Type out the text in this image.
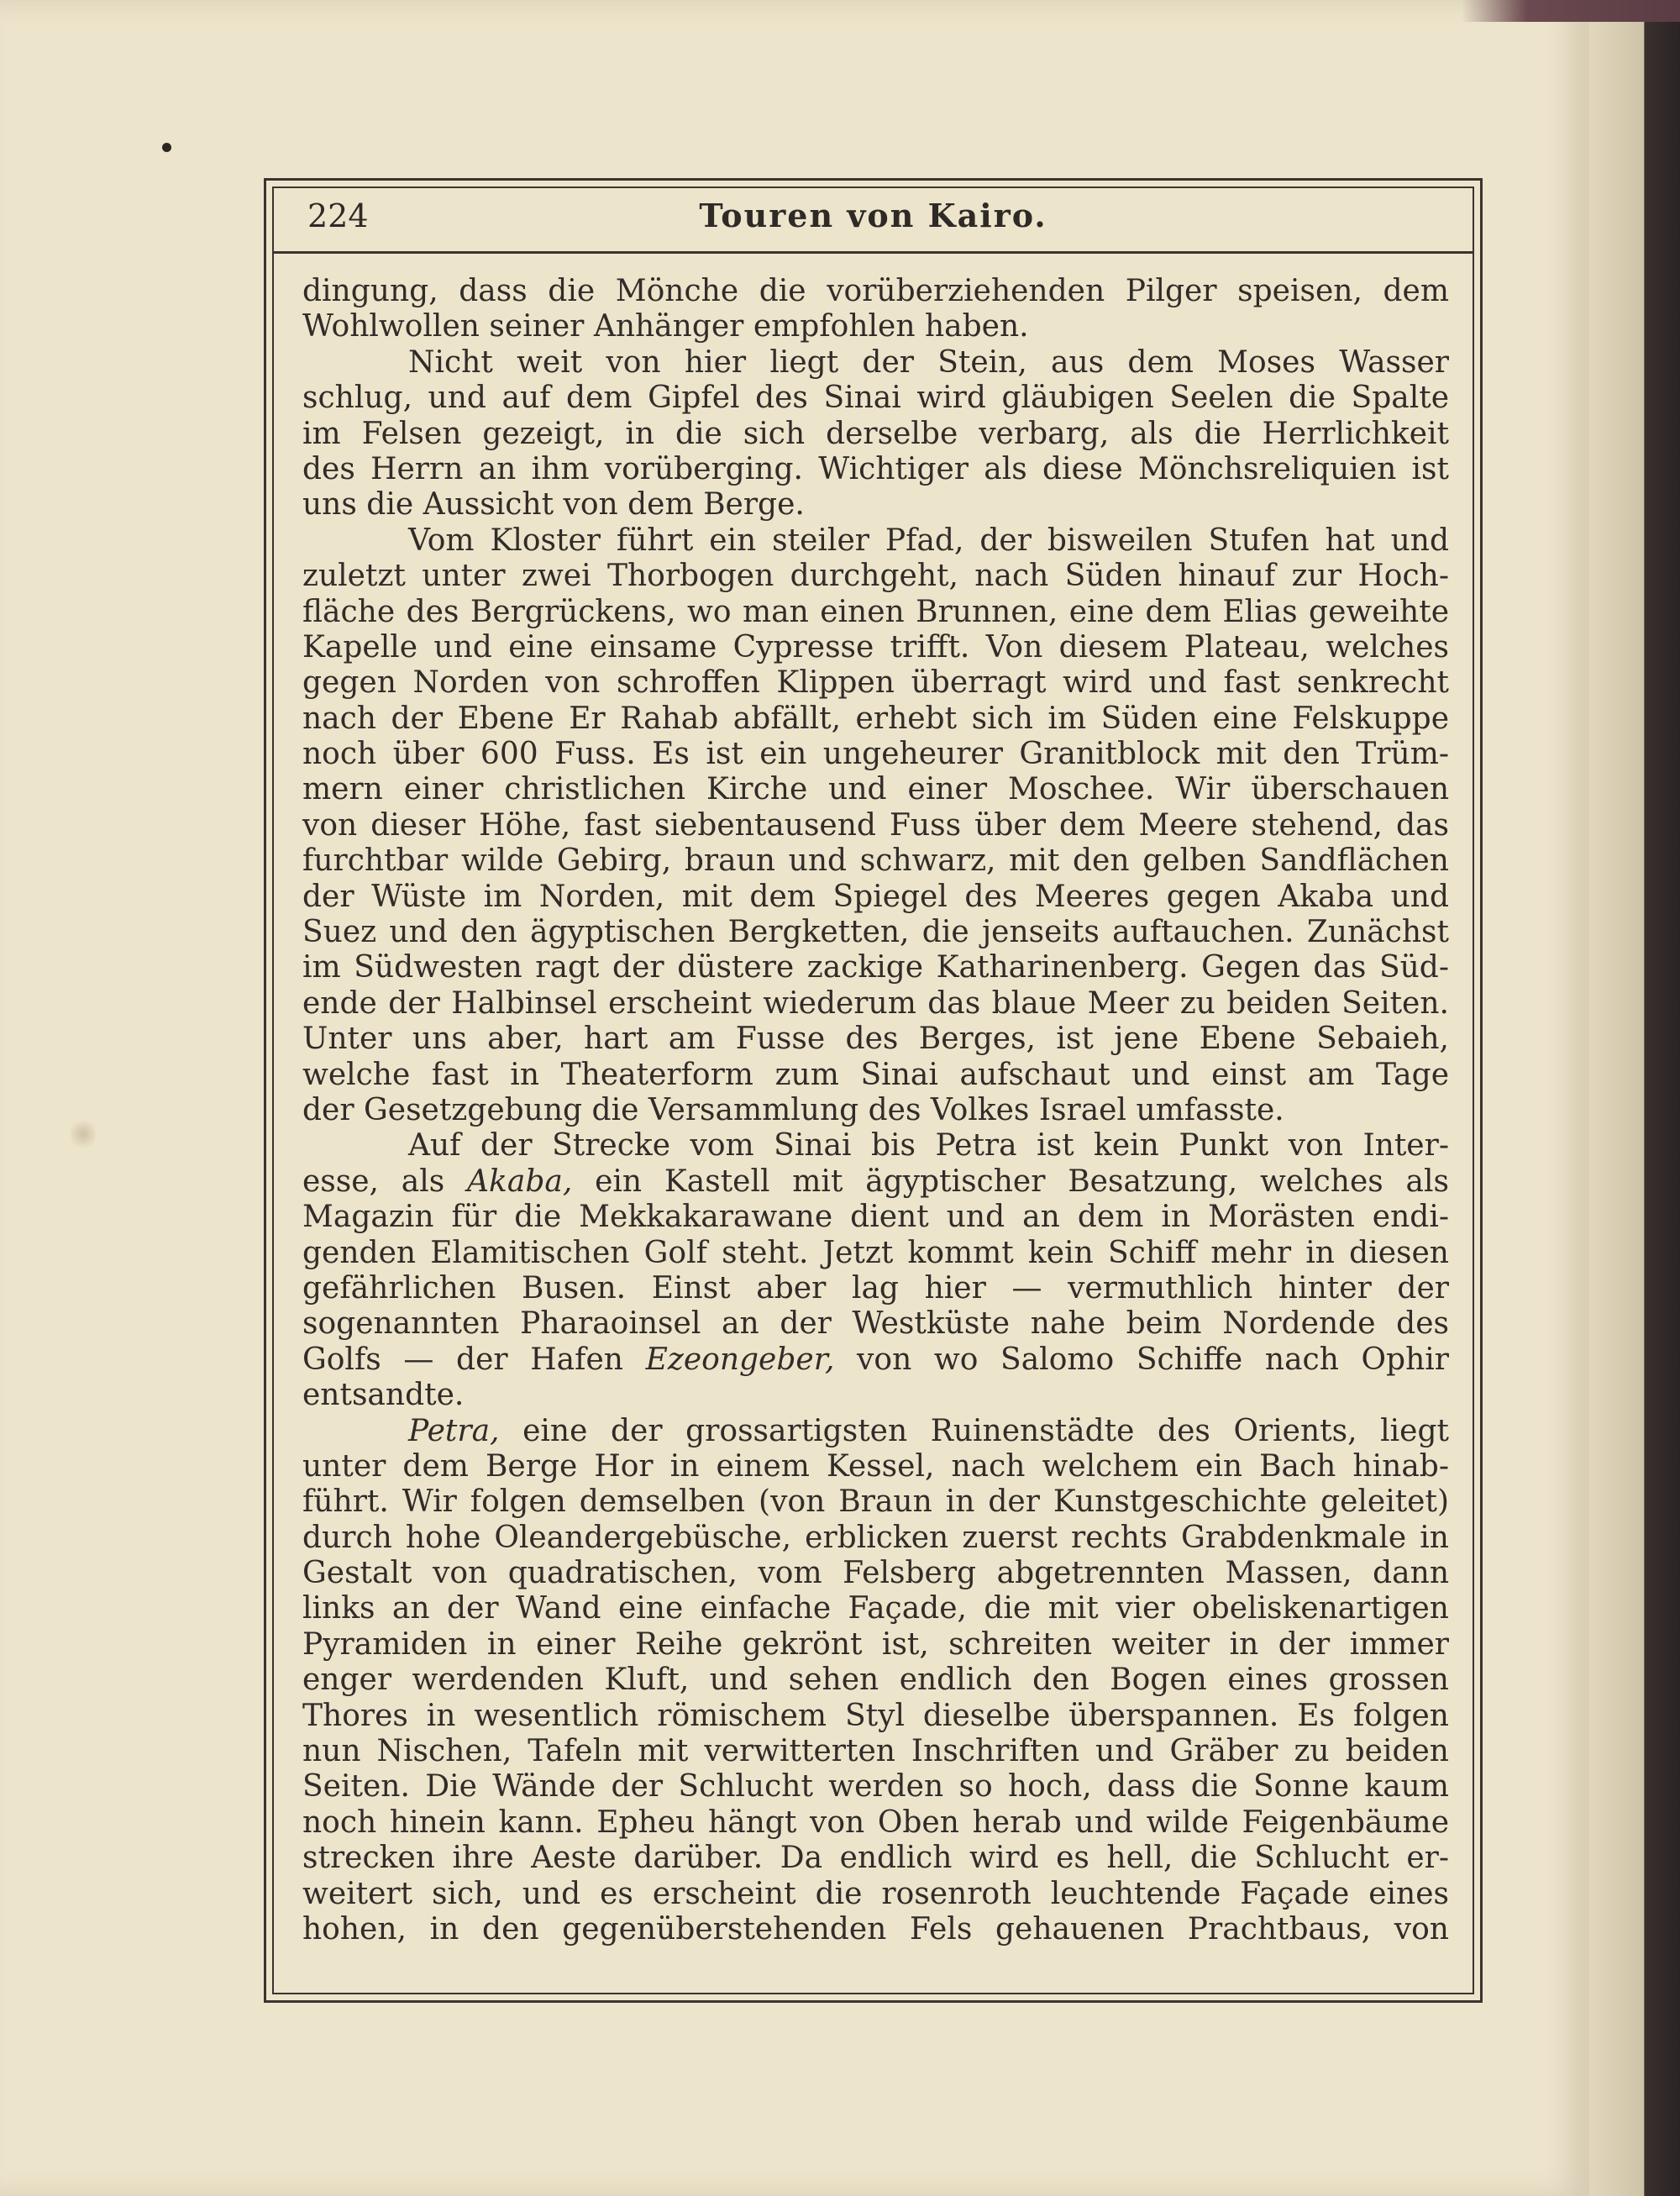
224	Touren von Kairo.
dingung, dass die Mönche die vorüberziehenden Pilger speisen, dem
Wohlwollen seiner Anhänger empfohlen haben.
Nicht weit von hier liegt der Stein, aus dem Moses Wasser
schlug, und auf dem Gipfel des Sinai wird gläubigen Seelen die Spalte
im Felsen gezeigt, in die sich derselbe verbarg, als die Herrlichkeit
des Herrn an ihm vorüberging. Wichtiger als diese Mönchsreliquien ist
uns die Aussicht von dem Berge.
Vom Kloster führt ein steiler Pfad, der bisweilen Stufen hat und
zuletzt unter zwei Thorbogen durchgeht, nach Süden hinauf zur Hoch-
fläche des Bergrückens, wo man einen Brunnen, eine dem Elias geweihte
Kapelle und eine einsame Cypresse trifft. Von diesem Plateau, welches
gegen Norden von schroffen Klippen überragt wird und fast senkrecht
nach der Ebene Er Rahab abfällt, erhebt sich im Süden eine Felskuppe
noch über 600 Fuss. Es ist ein ungeheurer Granitblock mit den Trüm-
mern einer christlichen Kirche und einer Moschee. Wir überschauen
von dieser Höhe, fast siebentausend Fuss über dem Meere stehend, das
furchtbar wilde Gebirg, braun und schwarz, mit den gelben Sandflächen
der Wüste im Norden, mit dem Spiegel des Meeres gegen Akaba und
Suez und den ägyptischen Bergketten, die jenseits auftauchen. Zunächst
im Südwesten ragt der düstere zackige Katharinenberg. Gegen das Süd-
ende der Halbinsel erscheint wiederum das blaue Meer zu beiden Seiten.
Unter uns aber, hart am Fusse des Berges, ist jene Ebene Sebaieh,
welche fast in Theaterform zum Sinai aufschaut und einst am Tage
der Gesetzgebung die Versammlung des Volkes Israel umfasste.
Auf der Strecke vom Sinai bis Petra ist kein Punkt von Inter-
esse, als Akaba, ein Kastell mit ägyptischer Besatzung, welches als
Magazin für die Mekkakarawane dient und an dem in Morästen endi-
genden Elamitischen Golf steht. Jetzt kommt kein Schiff mehr in diesen
gefährlichen Busen. Einst aber lag hier — vermuthlich hinter der
sogenannten Pharaoinsel an der Westküste nahe beim Nordende des
Golfs — der Hafen Ezeongeber, von wo Salomo Schiffe nach Ophir
entsandte.
Petra, eine der grossartigsten Ruinenstädte des Orients, liegt
unter dem Berge Hor in einem Kessel, nach welchem ein Bach hinab-
führt. Wir folgen demselben (von Braun in der Kunstgeschichte geleitet)
durch hohe Oleandergebüsche, erblicken zuerst rechts Grabdenkmale in
Gestalt von quadratischen, vom Felsberg abgetrennten Massen, dann
links an der Wand eine einfache Façade, die mit vier obeliskenartigen
Pyramiden in einer Reihe gekrönt ist, schreiten weiter in der immer
enger werdenden Kluft, und sehen endlich den Bogen eines grossen
Thores in wesentlich römischem Styl dieselbe überspannen. Es folgen
nun Nischen, Tafeln mit verwitterten Inschriften und Gräber zu beiden
Seiten. Die Wände der Schlucht werden so hoch, dass die Sonne kaum
noch hinein kann. Epheu hängt von Oben herab und wilde Feigenbäume
strecken ihre Aeste darüber. Da endlich wird es hell, die Schlucht er-
weitert sich, und es erscheint die rosenroth leuchtende Façade eines
hohen, in den gegenüberstehenden Fels gehauenen Prachtbaus, von
